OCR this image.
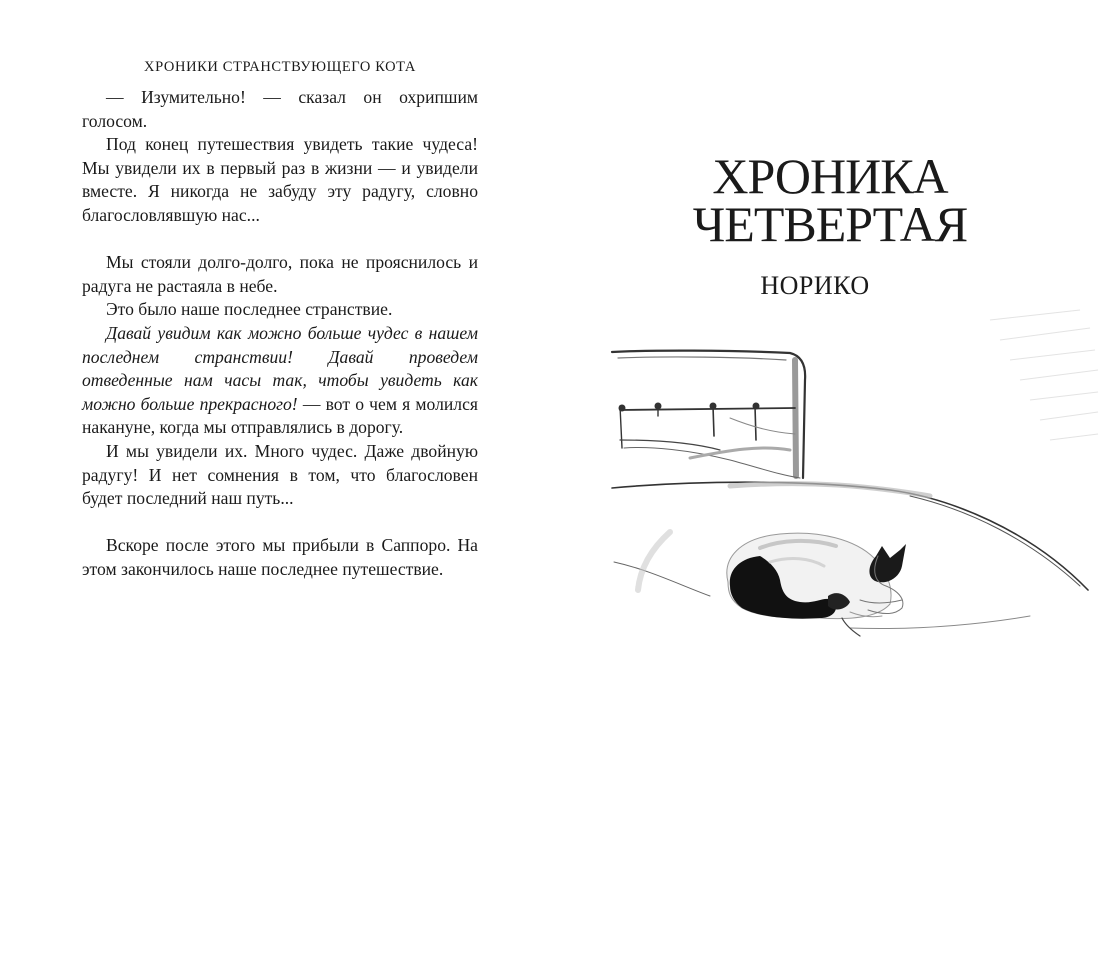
ХРОНИКИ СТРАНСТВУЮЩЕГО КОТА

— Изумительно! — сказал он охрипшим голосом.

Под конец путешествия увидеть такие чудеса! Мы увидели их в первый раз в жизни — и увидели вместе. Я никогда не забуду эту радугу, словно благословлявшую нас...

Мы стояли долго-долго, пока не прояснилось и радуга не растаяла в небе.

Это было наше последнее странствие.

Давай увидим как можно больше чудес в нашем последнем странствии! Давай проведем отведенные нам часы так, чтобы увидеть как можно больше прекрасного! — вот о чем я молился накануне, когда мы отправлялись в дорогу.

И мы увидели их. Много чудес. Даже двойную радугу! И нет сомнения в том, что благословен будет последний наш путь...

Вскоре после этого мы прибыли в Саппоро. На этом закончилось наше последнее путешествие.

ХРОНИКА
ЧЕТВЕРТАЯ
НОРИКО
